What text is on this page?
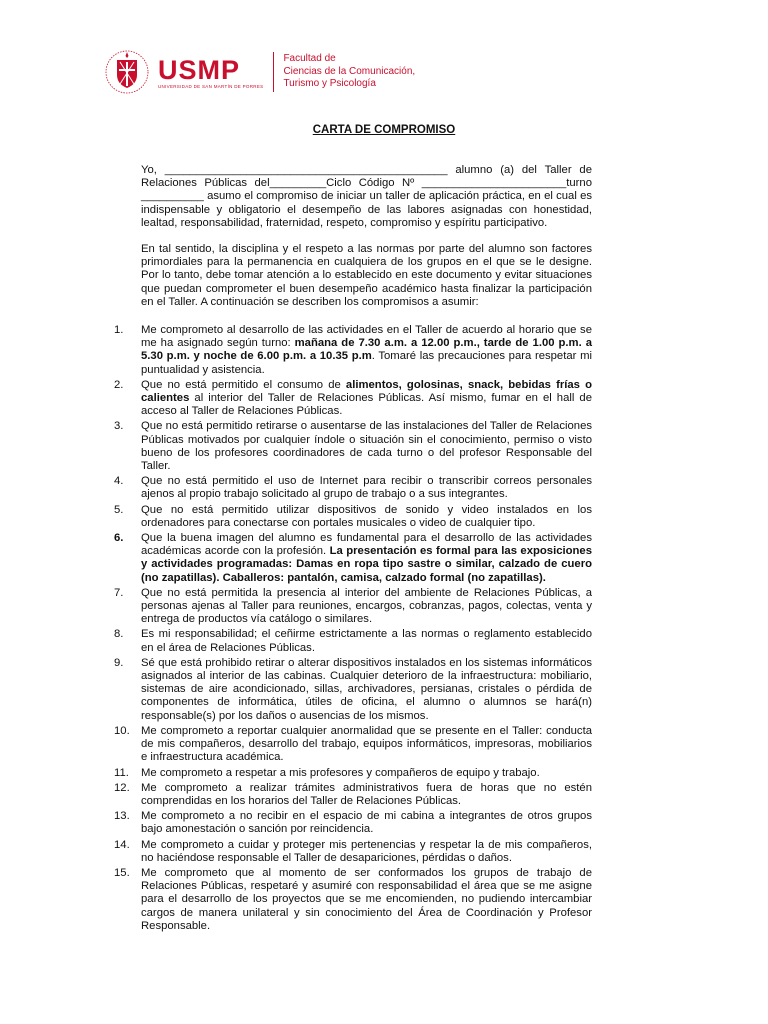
USMP
UNIVERSIDAD DE SAN MARTÍN DE PORRES
Facultad de
Ciencias de la Comunicación,
Turismo y Psicología
CARTA DE COMPROMISO
Yo, _____________________________________________ alumno (a) del Taller de Relaciones Públicas del_________Ciclo Código Nº _______________________turno __________ asumo el compromiso de iniciar un taller de aplicación práctica, en el cual es indispensable y obligatorio el desempeño de las labores asignadas con honestidad, lealtad, responsabilidad, fraternidad, respeto, compromiso y espíritu participativo.
En tal sentido, la disciplina y el respeto a las normas por parte del alumno son factores primordiales para la permanencia en cualquiera de los grupos en el que se le designe. Por lo tanto, debe tomar atención a lo establecido en este documento y evitar situaciones que puedan comprometer el buen desempeño académico hasta finalizar la participación en el Taller. A continuación se describen los compromisos a asumir:
1. Me comprometo al desarrollo de las actividades en el Taller de acuerdo al horario que se me ha asignado según turno: mañana de 7.30 a.m. a 12.00 p.m., tarde de 1.00 p.m. a 5.30 p.m. y noche de 6.00 p.m. a 10.35 p.m. Tomaré las precauciones para respetar mi puntualidad y asistencia.
2. Que no está permitido el consumo de alimentos, golosinas, snack, bebidas frías o calientes al interior del Taller de Relaciones Públicas. Así mismo, fumar en el hall de acceso al Taller de Relaciones Públicas.
3. Que no está permitido retirarse o ausentarse de las instalaciones del Taller de Relaciones Públicas motivados por cualquier índole o situación sin el conocimiento, permiso o visto bueno de los profesores coordinadores de cada turno o del profesor Responsable del Taller.
4. Que no está permitido el uso de Internet para recibir o transcribir correos personales ajenos al propio trabajo solicitado al grupo de trabajo o a sus integrantes.
5. Que no está permitido utilizar dispositivos de sonido y video instalados en los ordenadores para conectarse con portales musicales o video de cualquier tipo.
6. Que la buena imagen del alumno es fundamental para el desarrollo de las actividades académicas acorde con la profesión. La presentación es formal para las exposiciones y actividades programadas: Damas en ropa tipo sastre o similar, calzado de cuero (no zapatillas). Caballeros: pantalón, camisa, calzado formal (no zapatillas).
7. Que no está permitida la presencia al interior del ambiente de Relaciones Públicas, a personas ajenas al Taller para reuniones, encargos, cobranzas, pagos, colectas, venta y entrega de productos vía catálogo o similares.
8. Es mi responsabilidad; el ceñirme estrictamente a las normas o reglamento establecido en el área de Relaciones Públicas.
9. Sé que está prohibido retirar o alterar dispositivos instalados en los sistemas informáticos asignados al interior de las cabinas. Cualquier deterioro de la infraestructura: mobiliario, sistemas de aire acondicionado, sillas, archivadores, persianas, cristales o pérdida de componentes de informática, útiles de oficina, el alumno o alumnos se hará(n) responsable(s) por los daños o ausencias de los mismos.
10. Me comprometo a reportar cualquier anormalidad que se presente en el Taller: conducta de mis compañeros, desarrollo del trabajo, equipos informáticos, impresoras, mobiliarios e infraestructura académica.
11. Me comprometo a respetar a mis profesores y compañeros de equipo y trabajo.
12. Me comprometo a realizar trámites administrativos fuera de horas que no estén comprendidas en los horarios del Taller de Relaciones Públicas.
13. Me comprometo a no recibir en el espacio de mi cabina a integrantes de otros grupos bajo amonestación o sanción por reincidencia.
14. Me comprometo a cuidar y proteger mis pertenencias y respetar la de mis compañeros, no haciéndose responsable el Taller de desapariciones, pérdidas o daños.
15. Me comprometo que al momento de ser conformados los grupos de trabajo de Relaciones Públicas, respetaré y asumiré con responsabilidad el área que se me asigne para el desarrollo de los proyectos que se me encomienden, no pudiendo intercambiar cargos de manera unilateral y sin conocimiento del Área de Coordinación y Profesor Responsable.
